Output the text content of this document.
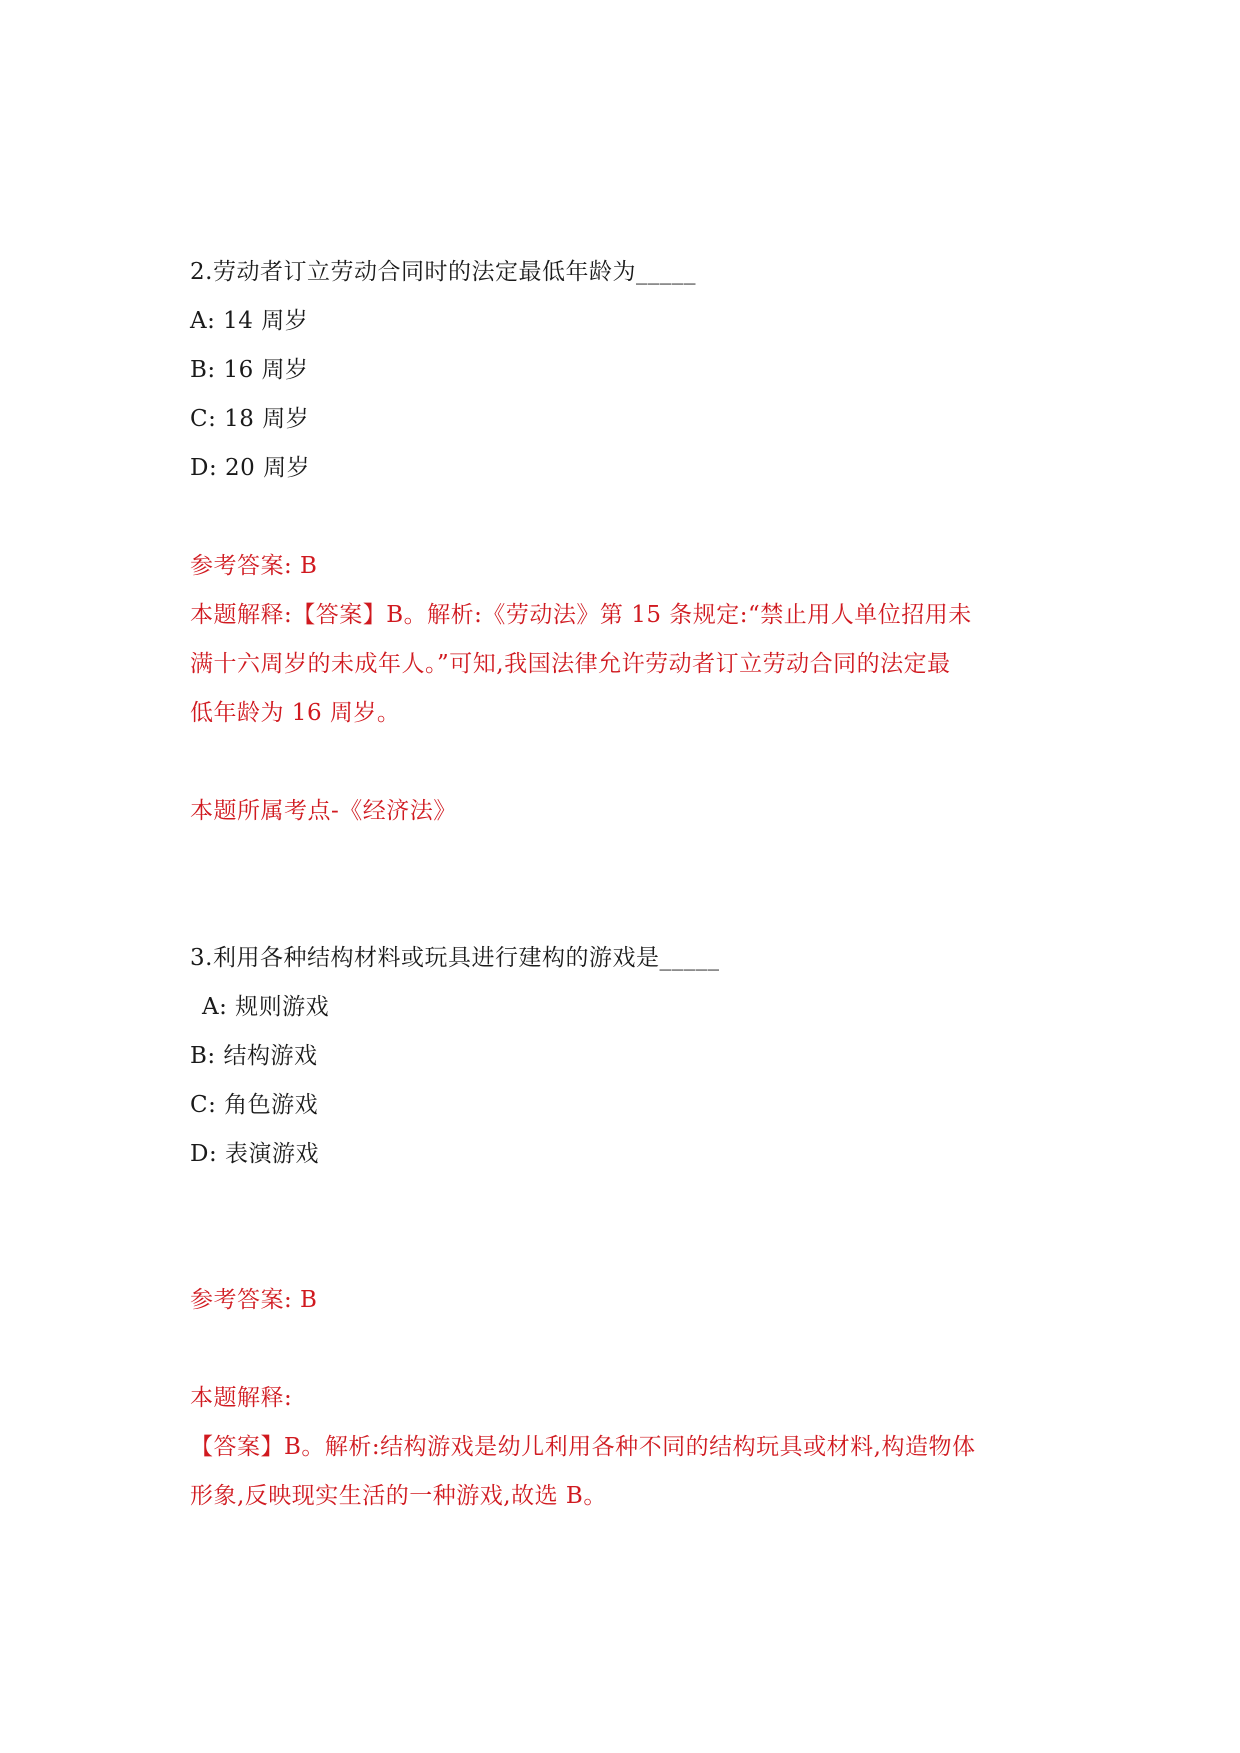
2.劳动者订立劳动合同时的法定最低年龄为_____
A: 14 周岁
B: 16 周岁
C: 18 周岁
D: 20 周岁
参考答案: B
本题解释:【答案】B。解析:《劳动法》第 15 条规定:“禁止用人单位招用未
满十六周岁的未成年人。”可知,我国法律允许劳动者订立劳动合同的法定最
低年龄为 16 周岁。
本题所属考点-《经济法》
3.利用各种结构材料或玩具进行建构的游戏是_____
A: 规则游戏
B: 结构游戏
C: 角色游戏
D: 表演游戏
参考答案: B
本题解释:
【答案】B。解析:结构游戏是幼儿利用各种不同的结构玩具或材料,构造物体
形象,反映现实生活的一种游戏,故选 B。
